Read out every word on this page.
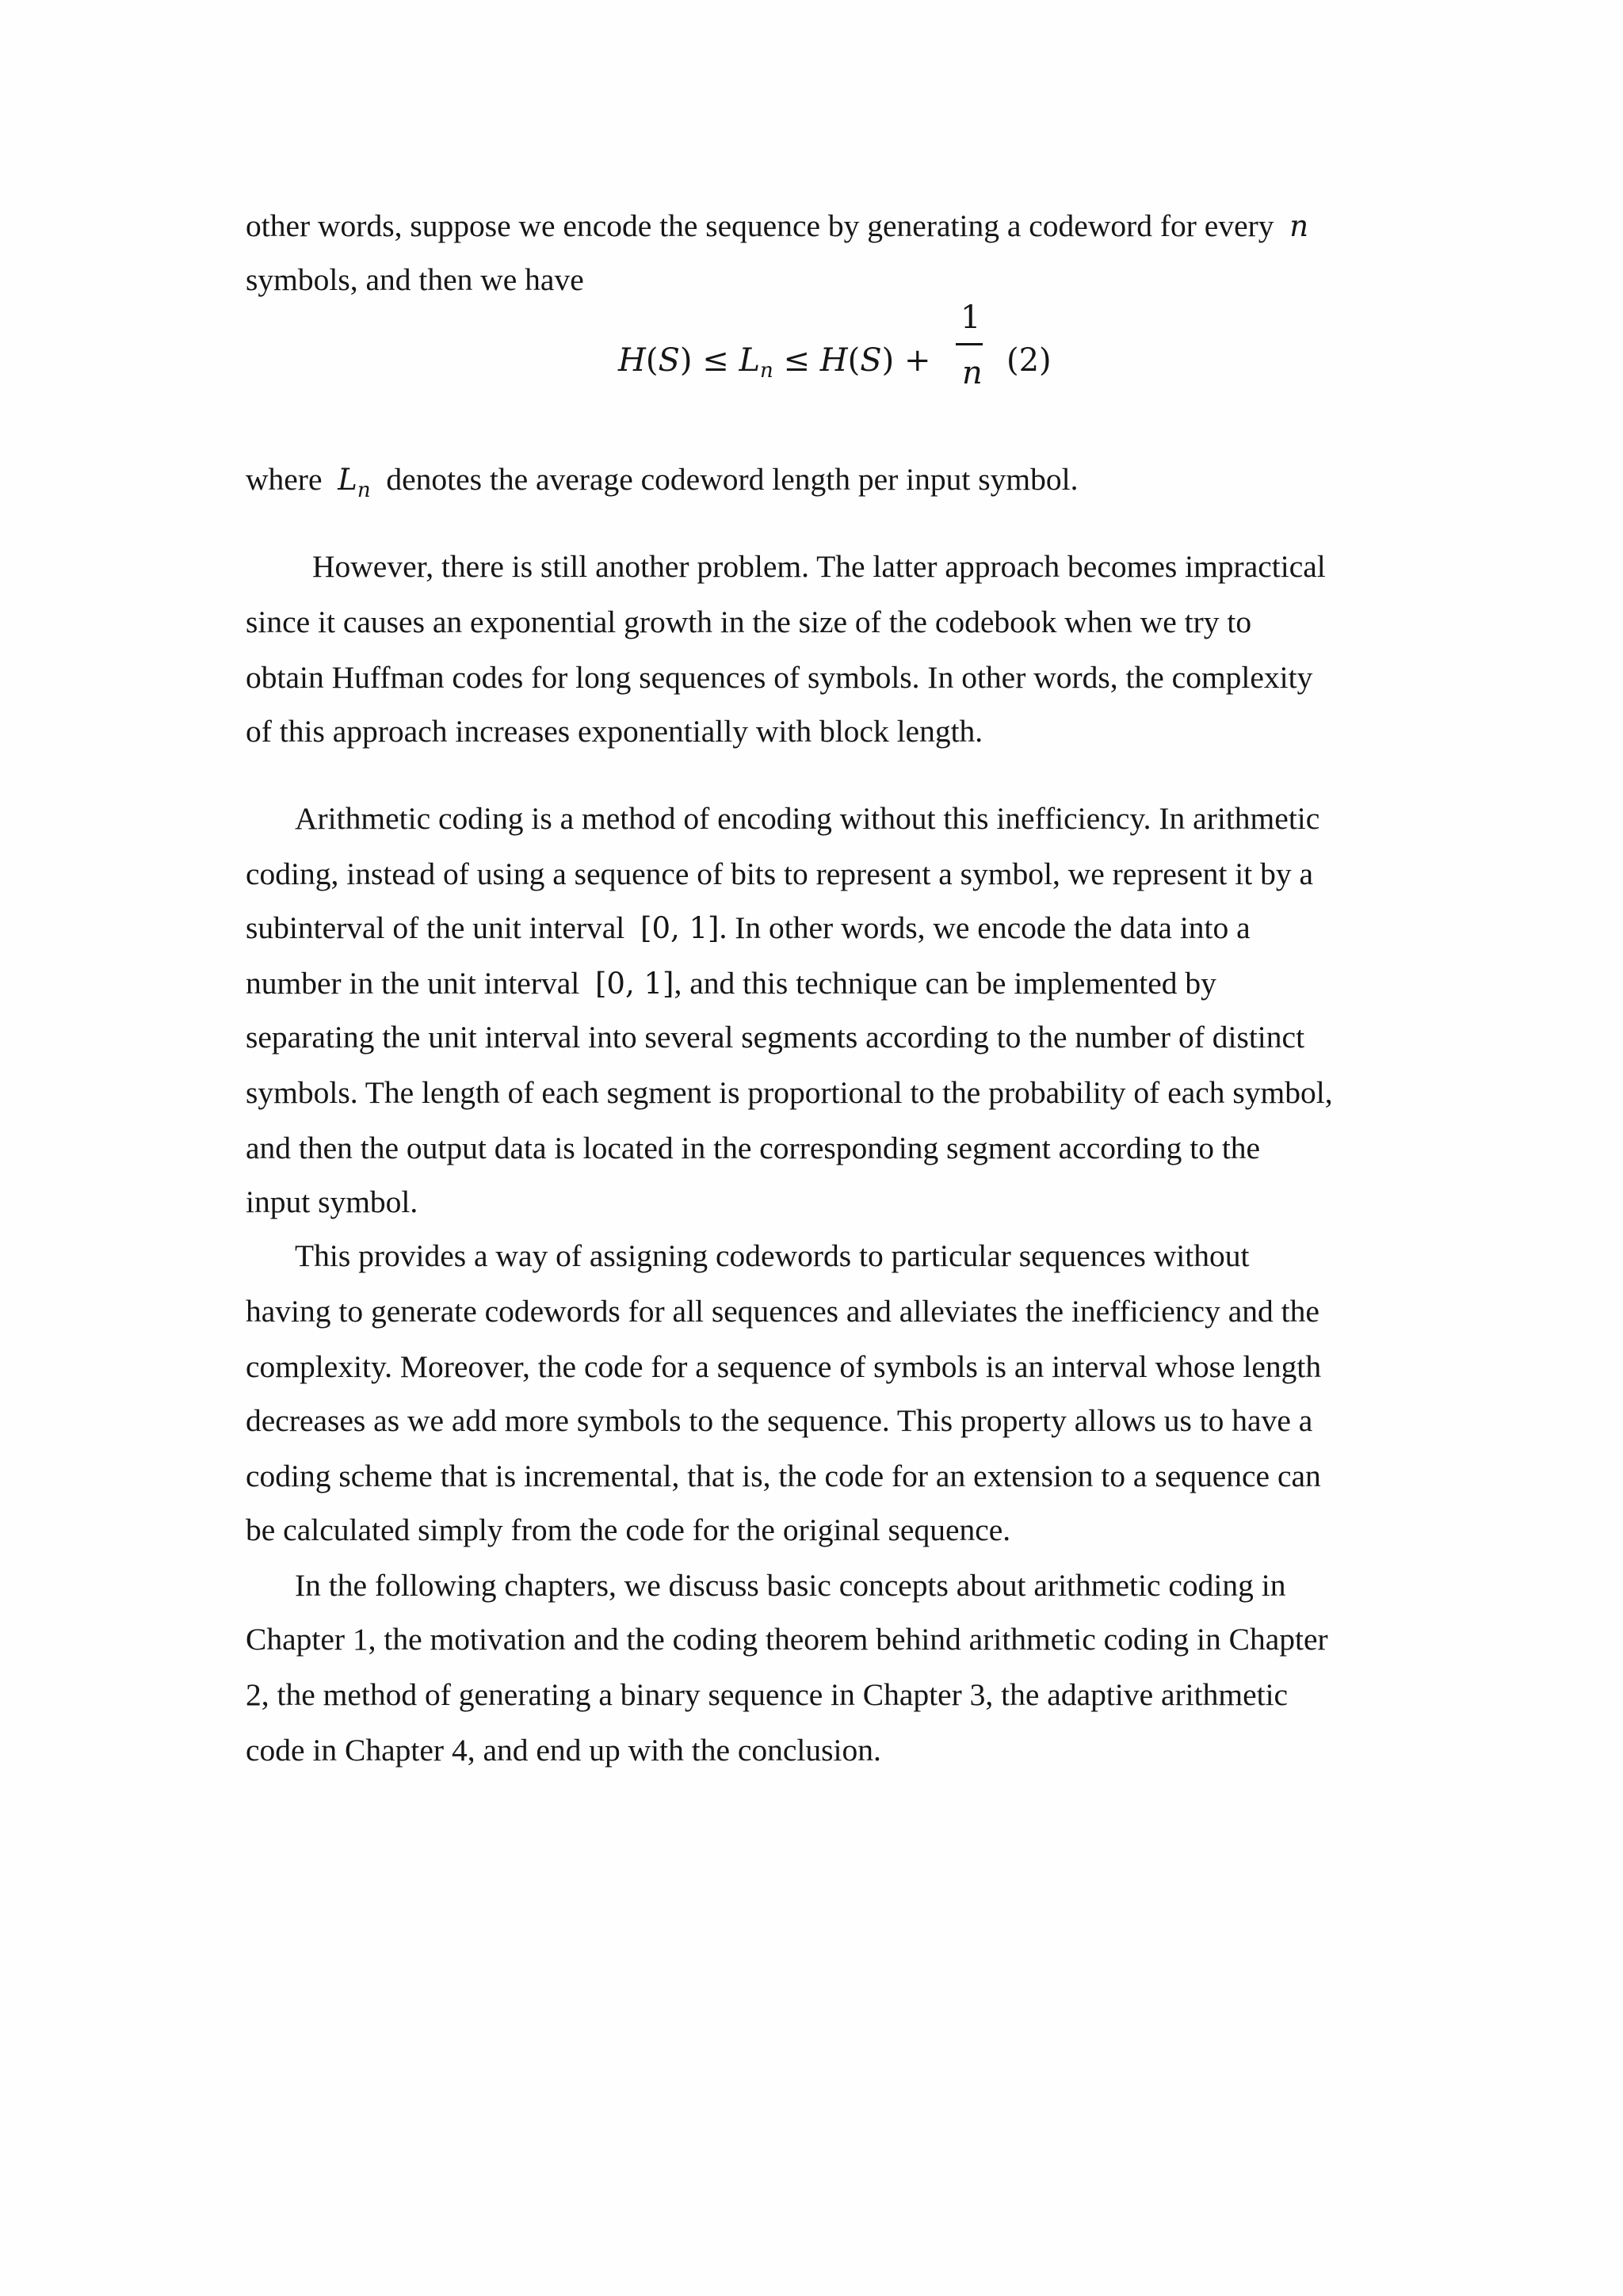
other words, suppose we encode the sequence by generating a codeword for every n
symbols, and then we have
$H(S) \le L_n \le H(S)$ +
1
n (2)
where $L_n$ denotes the average codeword length per input symbol.
However, there is still another problem. The latter approach becomes impractical
since it causes an exponential growth in the size of the codebook when we try to
obtain Huffman codes for long sequences of symbols. In other words, the complexity
of this approach increases exponentially with block length.
Arithmetic coding is a method of encoding without this inefficiency. In arithmetic
coding, instead of using a sequence of bits to represent a symbol, we represent it by a
subinterval of the unit interval [0, 1]. In other words, we encode the data into a
number in the unit interval [0, 1], and this technique can be implemented by
separating the unit interval into several segments according to the number of distinct
symbols. The length of each segment is proportional to the probability of each symbol,
and then the output data is located in the corresponding segment according to the
input symbol.
This provides a way of assigning codewords to particular sequences without
having to generate codewords for all sequences and alleviates the inefficiency and the
complexity. Moreover, the code for a sequence of symbols is an interval whose length
decreases as we add more symbols to the sequence. This property allows us to have a
coding scheme that is incremental, that is, the code for an extension to a sequence can
be calculated simply from the code for the original sequence.
In the following chapters, we discuss basic concepts about arithmetic coding in
Chapter 1, the motivation and the coding theorem behind arithmetic coding in Chapter
2, the method of generating a binary sequence in Chapter 3, the adaptive arithmetic
code in Chapter 4, and end up with the conclusion.
